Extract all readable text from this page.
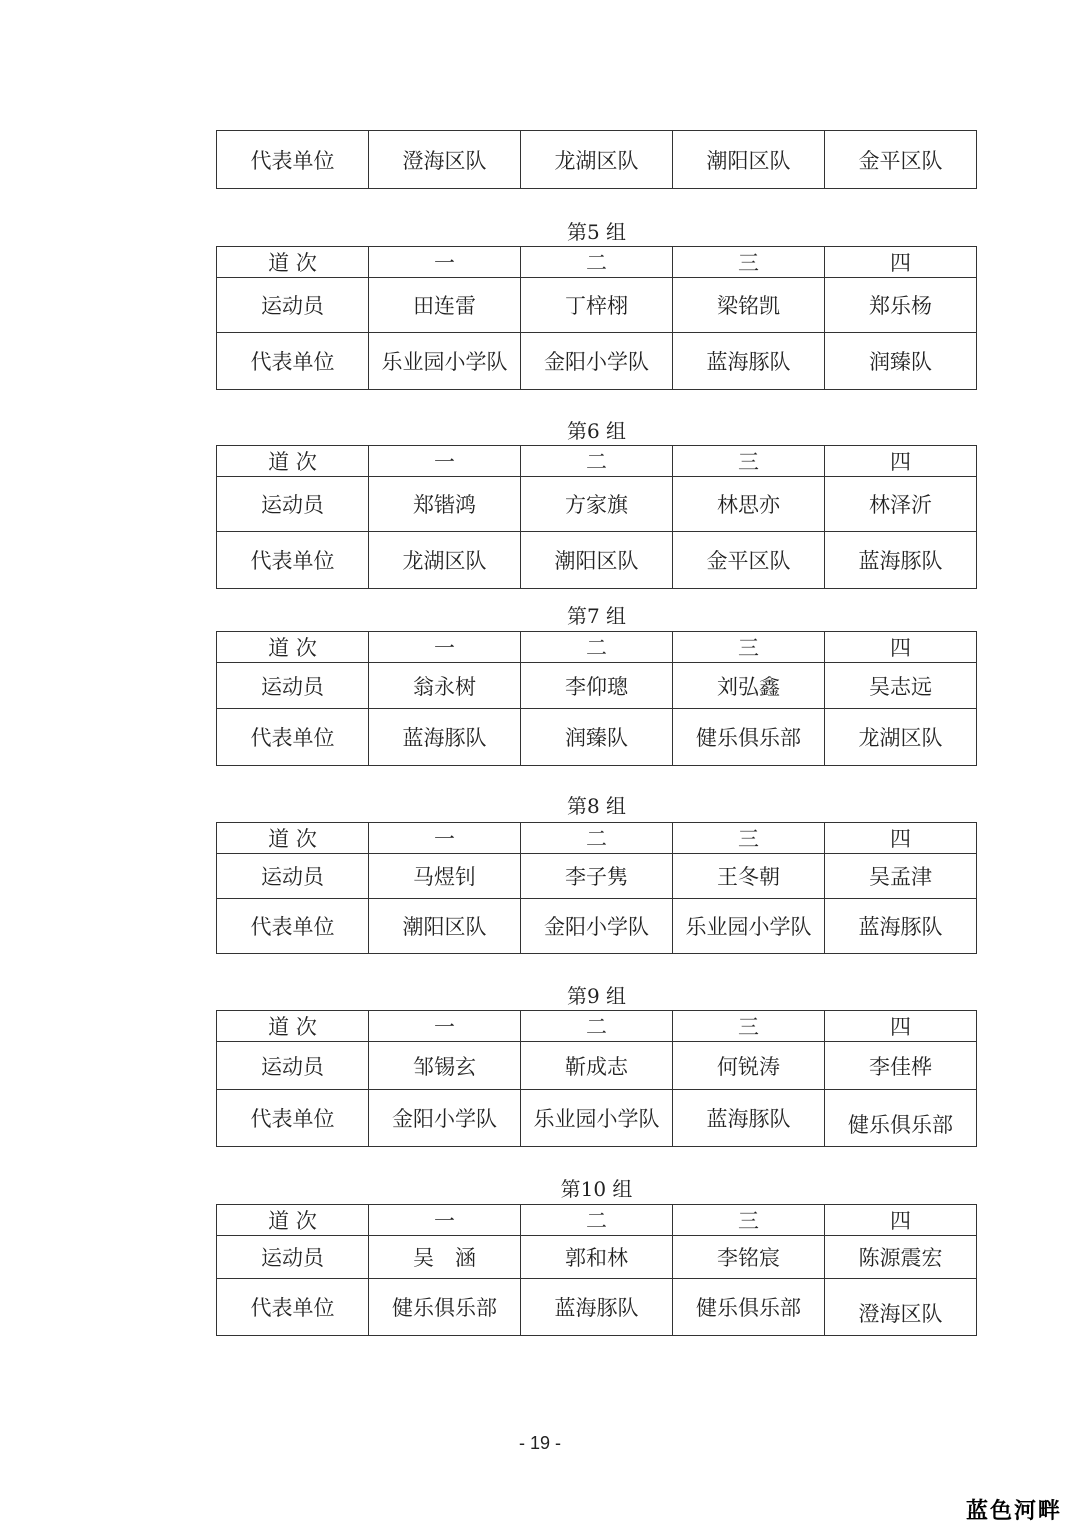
代表单位	澄海区队	龙湖区队	潮阳区队	金平区队
第5 组
道 次	一	二	三	四
运动员	田连雷	丁梓栩	梁铭凯	郑乐杨
代表单位	乐业园小学队	金阳小学队	蓝海豚队	润臻队
第6 组
道 次	一	二	三	四
运动员	郑锴鸿	方家旗	林思亦	林泽沂
代表单位	龙湖区队	潮阳区队	金平区队	蓝海豚队
第7 组
道 次	一	二	三	四
运动员	翁永树	李仰璁	刘弘鑫	吴志远
代表单位	蓝海豚队	润臻队	健乐俱乐部	龙湖区队
第8 组
道 次	一	二	三	四
运动员	马煜钊	李子隽	王冬朝	吴孟津
代表单位	潮阳区队	金阳小学队	乐业园小学队	蓝海豚队
第9 组
道 次	一	二	三	四
运动员	邹锡玄	靳成志	何锐涛	李佳桦
代表单位	金阳小学队	乐业园小学队	蓝海豚队	健乐俱乐部
第10 组
道 次	一	二	三	四
运动员	吴　涵	郭和林	李铭宸	陈源震宏
代表单位	健乐俱乐部	蓝海豚队	健乐俱乐部	澄海区队
- 19 -
蓝色河畔
